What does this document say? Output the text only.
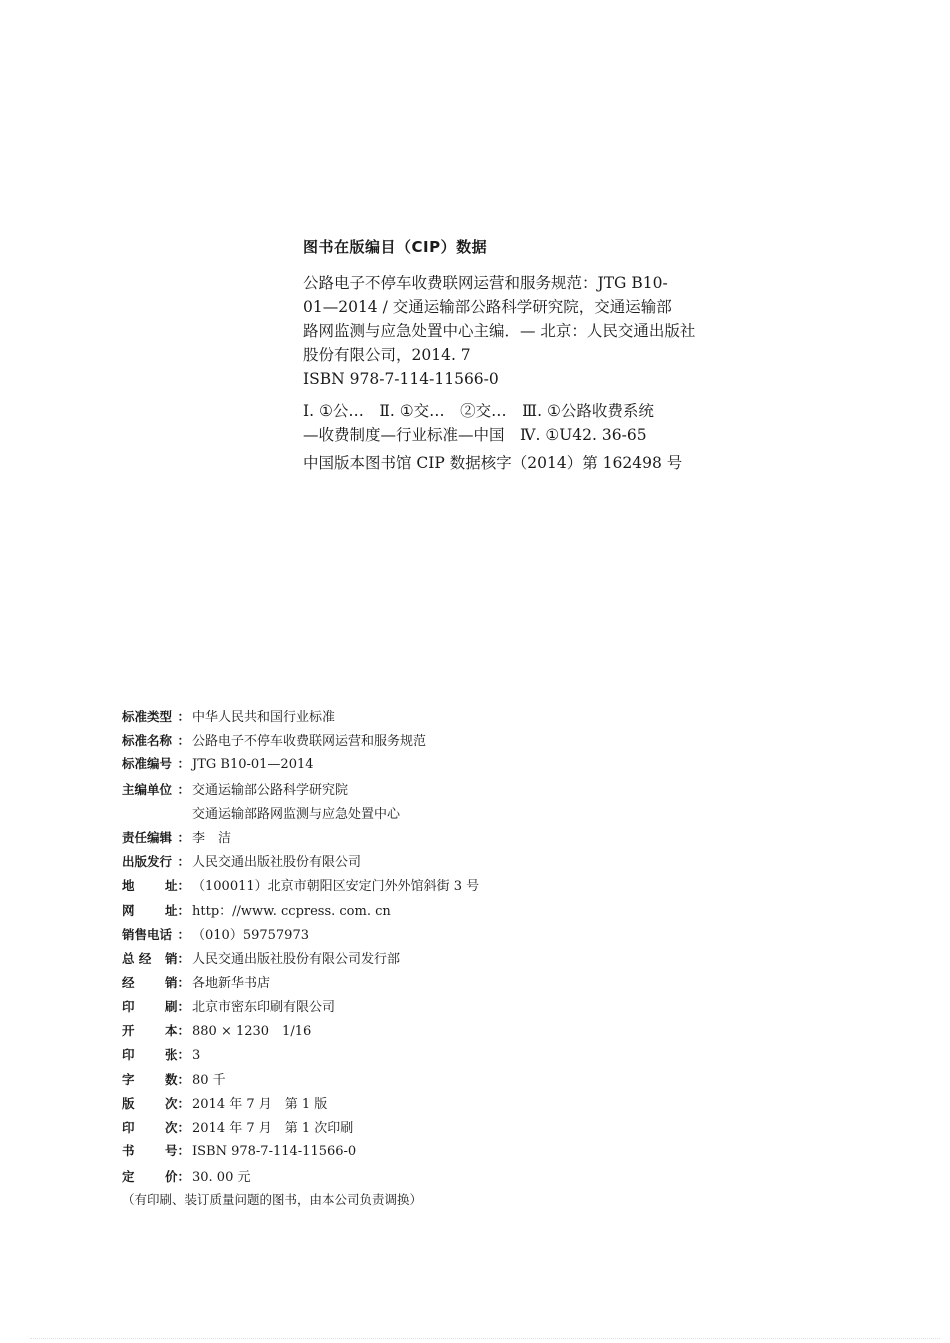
图书在版编目（CIP）数据
公路电子不停车收费联网运营和服务规范：JTG B10-
01—2014 / 交通运输部公路科学研究院，交通运输部
路网监测与应急处置中心主编．— 北京：人民交通出版社
股份有限公司，2014. 7
ISBN 978-7-114-11566-0
Ⅰ. ①公…　Ⅱ. ①交…　②交…　Ⅲ. ①公路收费系统
—收费制度—行业标准—中国　Ⅳ. ①U42. 36-65
中国版本图书馆 CIP 数据核字（2014）第 162498 号
标准类型 ： 中华人民共和国行业标准
标准名称 ： 公路电子不停车收费联网运营和服务规范
标准编号 ： JTG B10-01—2014
主编单位 ： 交通运输部公路科学研究院
交通运输部路网监测与应急处置中心
责任编辑 ： 李　洁
出版发行 ： 人民交通出版社股份有限公司
地 址： （100011）北京市朝阳区安定门外外馆斜街 3 号
网 址： http：//www. ccpress. com. cn
销售电话 ： （010）59757973
总 经 销： 人民交通出版社股份有限公司发行部
经 销： 各地新华书店
印 刷： 北京市密东印刷有限公司
开 本： 880 × 1230　1/16
印 张： 3
字 数： 80 千
版 次： 2014 年 7 月　第 1 版
印 次： 2014 年 7 月　第 1 次印刷
书 号： ISBN 978-7-114-11566-0
定 价： 30. 00 元
（有印刷、装订质量问题的图书，由本公司负责调换）
